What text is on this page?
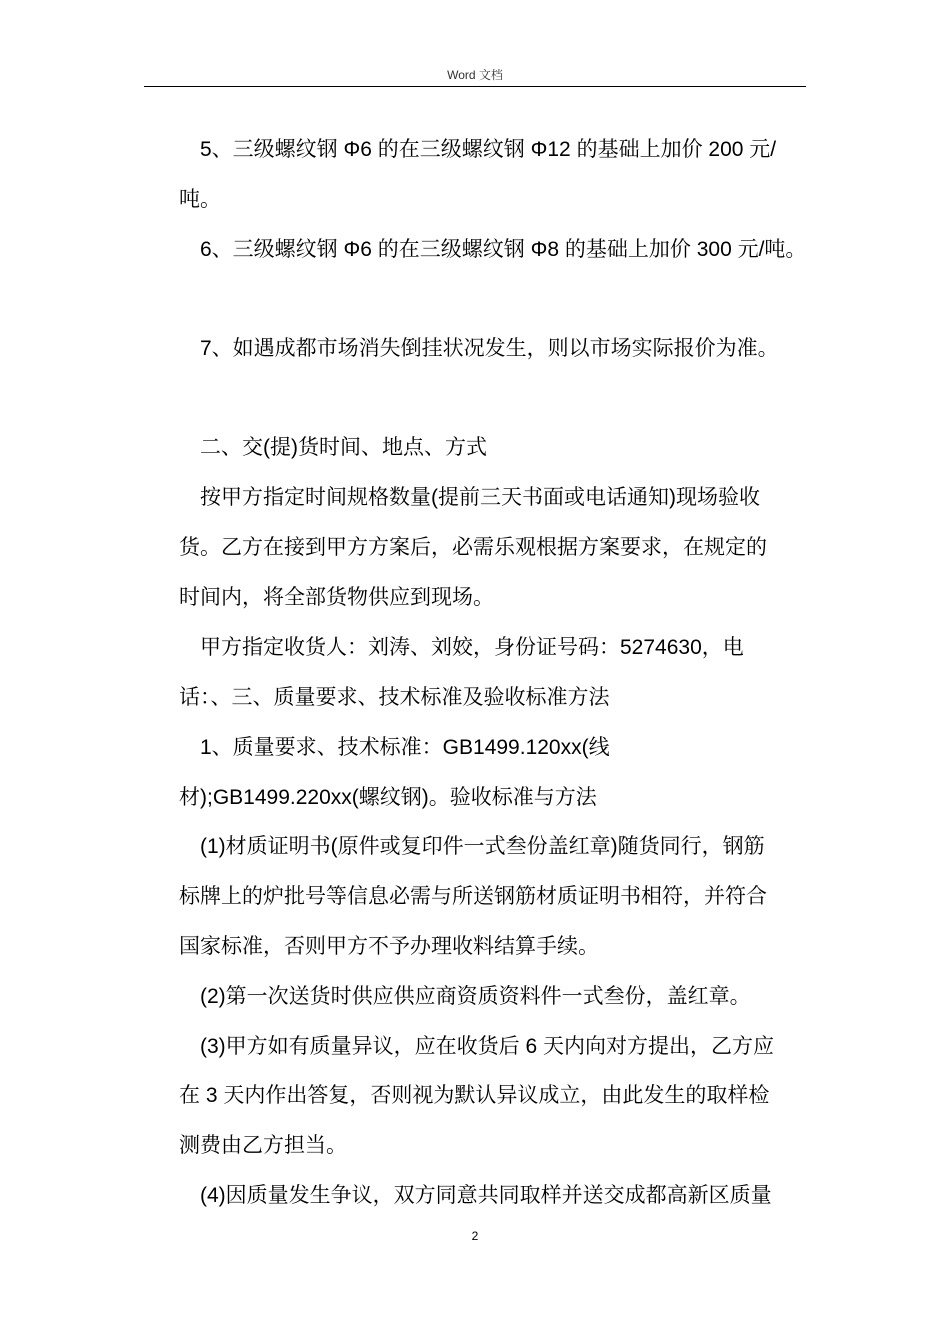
Word 文档
5、三级螺纹钢 Φ6 的在三级螺纹钢 Φ12 的基础上加价 200 元/
吨。
6、三级螺纹钢 Φ6 的在三级螺纹钢 Φ8 的基础上加价 300 元/吨。
7、如遇成都市场消失倒挂状况发生，则以市场实际报价为准。
二、交(提)货时间、地点、方式
按甲方指定时间规格数量(提前三天书面或电话通知)现场验收
货。乙方在接到甲方方案后，必需乐观根据方案要求，在规定的
时间内，将全部货物供应到现场。
甲方指定收货人：刘涛、刘姣，身份证号码：5274630，电
话：、三、质量要求、技术标准及验收标准方法
1、质量要求、技术标准：GB1499.120xx(线
材);GB1499.220xx(螺纹钢)。验收标准与方法
(1)材质证明书(原件或复印件一式叁份盖红章)随货同行，钢筋
标牌上的炉批号等信息必需与所送钢筋材质证明书相符，并符合
国家标准，否则甲方不予办理收料结算手续。
(2)第一次送货时供应供应商资质资料件一式叁份，盖红章。
(3)甲方如有质量异议，应在收货后 6 天内向对方提出，乙方应
在 3 天内作出答复，否则视为默认异议成立，由此发生的取样检
测费由乙方担当。
(4)因质量发生争议，双方同意共同取样并送交成都高新区质量
2
